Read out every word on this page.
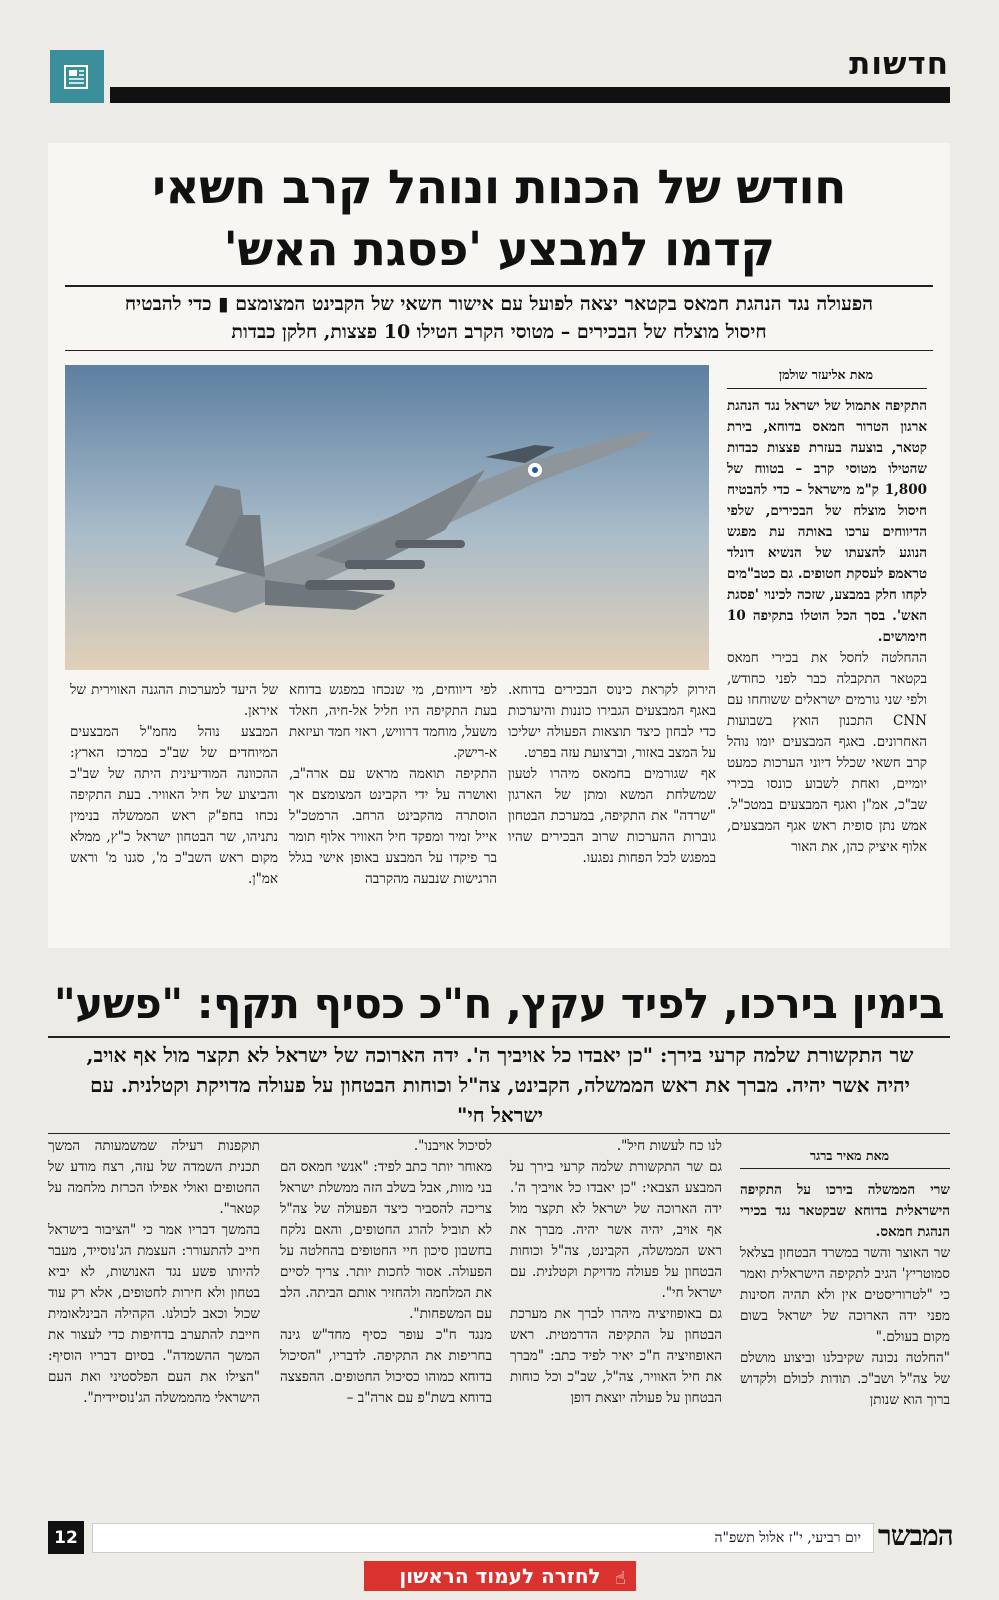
חדשות
חודש של הכנות ונוהל קרב חשאי
קדמו למבצע 'פסגת האש'
הפעולה נגד הנהגת חמאס בקטאר יצאה לפועל עם אישור חשאי של הקבינט המצומצם ▮ כדי להבטיח
חיסול מוצלח של הבכירים – מטוסי הקרב הטילו 10 פצצות, חלקן כבדות
מאת אליעזר שולמן

התקיפה אתמול של ישראל נגד הנהגת ארגון הטרור חמאס בדוחא, בירת קטאר, בוצעה בעזרת פצצות כבדות שהטילו מטוסי קרב – בטווח של 1,800 ק"מ מישראל – כדי להבטיח חיסול מוצלח של הבכירים, שלפי הדיווחים ערכו באותה עת מפגש הנוגע להצעתו של הנשיא דונלד טראמפ לעסקת חטופים. גם כטב"מים לקחו חלק במבצע, שזכה לכינוי 'פסגת האש'. בסך הכל הוטלו בתקיפה 10 חימושים.

ההחלטה לחסל את בכירי חמאס בקטאר התקבלה כבר לפני כחודש, ולפי שני גורמים ישראלים ששוחחו עם CNN התכנון הואץ בשבועות האחרונים. באגף המבצעים יומו נוהל קרב חשאי שכלל דיוני הערכות כמעט יומיים, ואחת לשבוע כונסו בכירי שב"כ, אמ"ן ואגף המבצעים במטכ"ל. אמש נתן סופית ראש אגף המבצעים, אלוף איציק כהן, את האור

הירוק לקראת כינוס הבכירים בדוחא. באגף המבצעים הגבירו כוננות והיערכות כדי לבחון כיצד תוצאות הפעולה ישליכו על המצב באזור, וברצועת עזה בפרט.

אף שגורמים בחמאס מיהרו לטעון שמשלחת המשא ומתן של הארגון "שרדה" את התקיפה, במערכת הבטחון גוברות ההערכות שרוב הבכירים שהיו במפגש לכל הפחות נפגעו.

לפי דיווחים, מי שנכחו במפגש בדוחא בעת התקיפה היו חליל אל-חיה, חאלד משעל, מוחמד דרוויש, ראזי חמד ועיזאת א-רישק.

התקיפה תואמה מראש עם ארה"ב, ואושרה על ידי הקבינט המצומצם אך הוסתרה מהקבינט הרחב. הרמטכ"ל אייל זמיר ומפקד חיל האוויר אלוף תומר בר פיקדו על המבצע באופן אישי בגלל הרגישות שנבעה מהקרבה

של היעד למערכות ההגנה האווירית של איראן.

המבצע נוהל מחמ"ל המבצעים המיוחדים של שב"כ במרכז הארץ: ההכוונה המודיעינית היתה של שב"כ והביצוע של חיל האוויר. בעת התקיפה נכחו בחפ"ק ראש הממשלה בנימין נתניהו, שר הבטחון ישראל כ"ץ, ממלא מקום ראש השב"כ מ', סגנו מ' וראש אמ"ן.

בימין בירכו, לפיד עקץ, ח"כ כסיף תקף: "פשע"
שר התקשורת שלמה קרעי בירך: "כן יאבדו כל אויביך ה'. ידה הארוכה של ישראל לא תקצר מול אף אויב,
יהיה אשר יהיה. מברך את ראש הממשלה, הקבינט, צה"ל וכוחות הבטחון על פעולה מדויקת וקטלנית. עם
ישראל חי"
מאת מאיר ברגר

שרי הממשלה בירכו על התקיפה הישראלית בדוחא שבקטאר נגד בכירי הנהגת חמאס.

שר האוצר והשר במשרד הבטחון בצלאל סמוטריץ' הגיב לתקיפה הישראלית ואמר כי "לטרוריסטים אין ולא תהיה חסינות מפני ידה הארוכה של ישראל בשום מקום בעולם."

"החלטה נכונה שקיבלנו וביצוע מושלם של צה"ל ושב"כ. תודות לכולם ולקדוש ברוך הוא שנותן

לנו כח לעשות חיל".

גם שר התקשורת שלמה קרעי בירך על המבצע הצבאי: "כן יאבדו כל אויביך ה'. ידה הארוכה של ישראל לא תקצר מול אף אויב, יהיה אשר יהיה. מברך את ראש הממשלה, הקבינט, צה"ל וכוחות הבטחון על פעולה מדויקת וקטלנית. עם ישראל חי".

גם באופוזיציה מיהרו לברך את מערכת הבטחון על התקיפה הדרמטית. ראש האופוזיציה ח"כ יאיר לפיד כתב: "מברך את חיל האוויר, צה"ל, שב"כ וכל כוחות הבטחון על פעולה יוצאת דופן

לסיכול אויבנו".

מאוחר יותר כתב לפיד: "אנשי חמאס הם בני מוות, אבל בשלב הזה ממשלת ישראל צריכה להסביר כיצד הפעולה של צה"ל לא תוביל להרג החטופים, והאם נלקח בחשבון סיכון חיי החטופים בהחלטה על הפעולה. אסור לחכות יותר. צריך לסיים את המלחמה ולהחזיר אותם הביתה. הלב עם המשפחות".

מנגד ח"כ עופר כסיף מחד"ש גינה בחריפות את התקיפה. לדבריו, "הסיכול בדוחא כמוהו כסיכול החטופים. ההפצצה בדוחא בשת"פ עם ארה"ב –

תוקפנות רעילה שמשמעותה המשך תכנית השמדה של עזה, רצח מודע של החטופים ואולי אפילו הכרזת מלחמה על קטאר".

בהמשך דבריו אמר כי "הציבור בישראל חייב להתעורר: העצמת הג'נוסייד, מעבר להיותו פשע נגד האנושות, לא יביא בטחון ולא חירות לחטופים, אלא רק עוד שכול וכאב לכולנו. הקהילה הבינלאומית חייבת להתערב בדחיפות כדי לעצור את המשך ההשמדה". בסיום דבריו הוסיף: "הצילו את העם הפלסטיני ואת העם הישראלי מהממשלה הג'נוסיידית".

12	יום רביעי, י"ז אלול תשפ"ה המבשר
לחזרה לעמוד הראשון ☝
